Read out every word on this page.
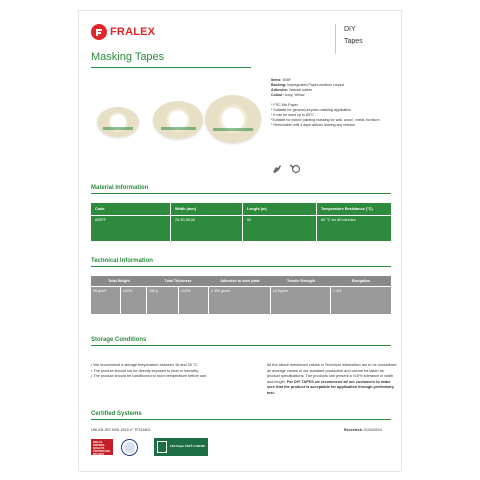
FRALEX
Masking Tapes
DIY
Tapes
Items: 605F
Backing: Impregnated Paper-medium creped
Adhesive: Natural rubber
Colour: Ivory, Yellow
* FSC Mix Paper
* Suitable for general purpose masking application
* It can be used up to 80°C
*Suitable for indoor painting masking for wall, wood , metal, furniture.
* Removable until 4 days without leaving any residue
Material Information
Code	Width (mm)	Lenght (m)	Temperature Resistance (°C)
605FF	25,30,38,50	50	60 °C for 60 minutes
Technical Information
Total Weight	Total Thickness	Adhesion to steel plate	Tensile Strength	Elongation
95 gr/m²	±10%	155 µ	±10%	≥ 300 gr/cm	≥4 Kg/cm	> 4%
Storage Conditions
• We recommend a storage temperature between 16 and 30 °C.
• The product should not be directly exposed to heat or humidity.
• The product should be conditioned to room temperature before use.
All the above mentioned values in Technical Information are to be considered as average values of our standard production and cannot be taken as product specifications. The products can present a ±10% tolerance in width and length. For DIY TAPES we recommend all our customers to make sure that the product is acceptable for application through preliminary test.
Certified Systems
UNI-EN-ISO 9001:2015 n° TF314801	Revesfeck: 01/04/2024
DNV·GL SISTEMA QUALITA CERTIFICATO ISO 9001
FSC Paper FSC® C106438
